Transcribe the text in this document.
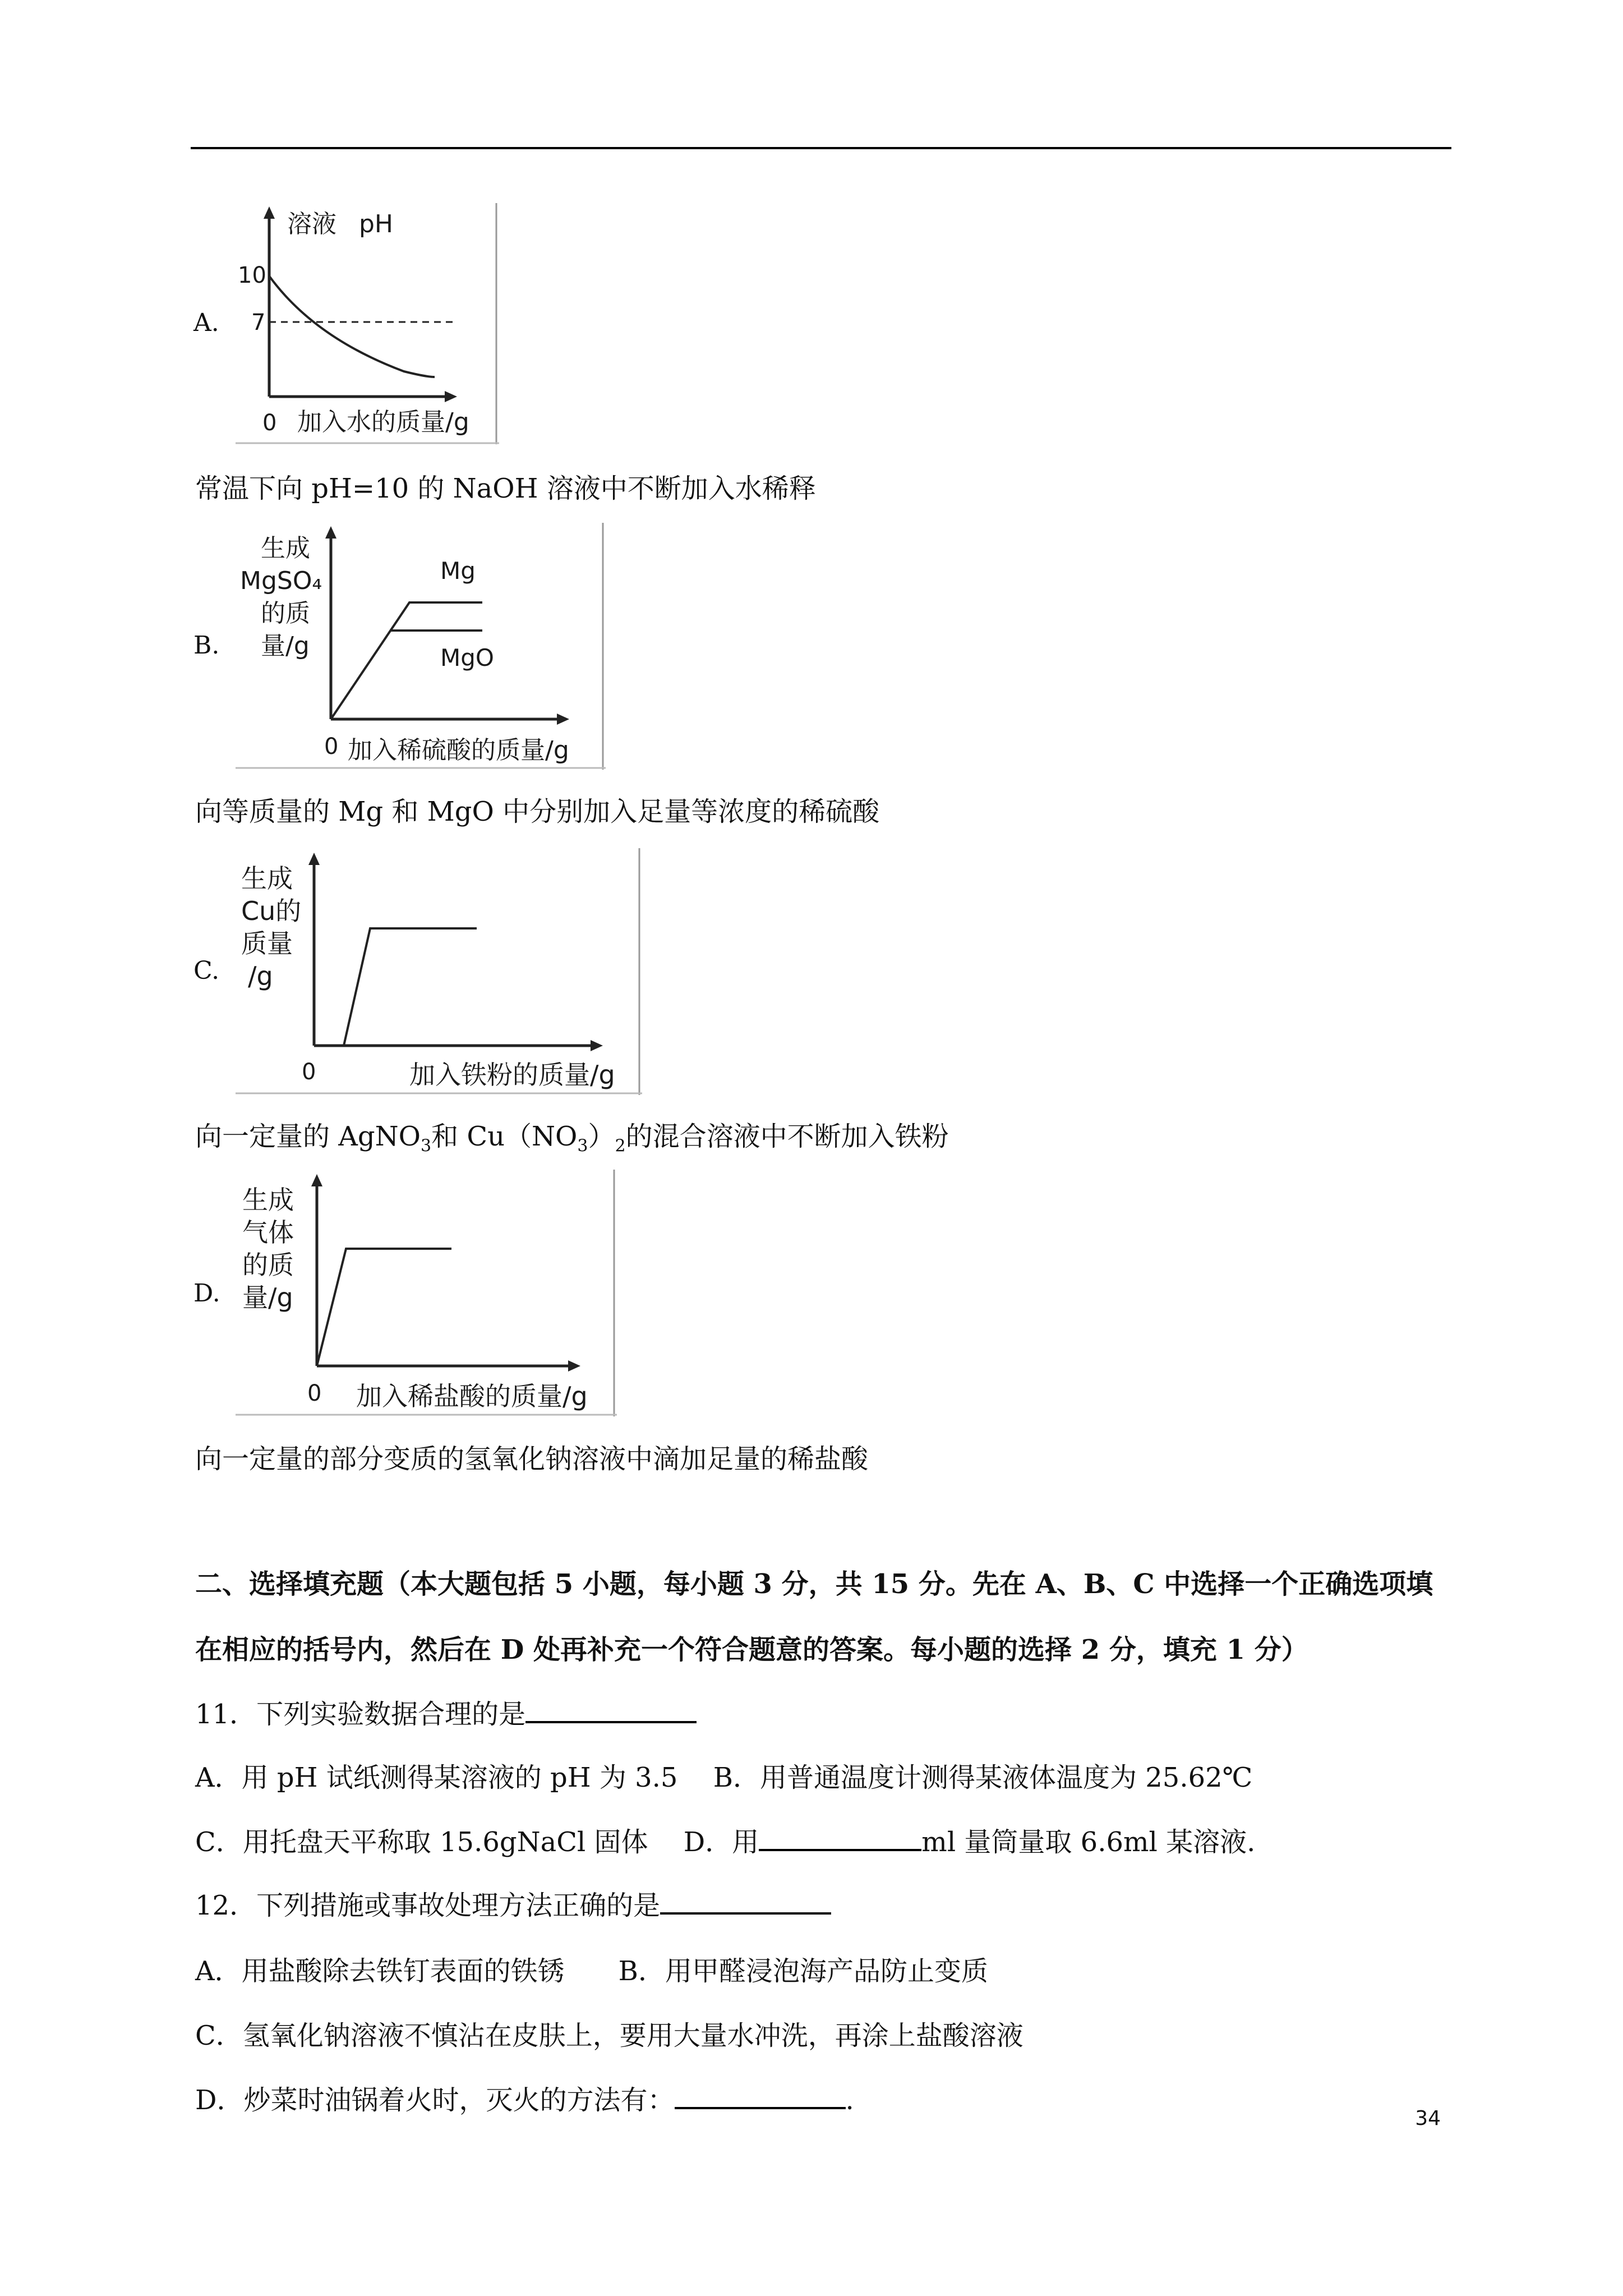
A.
溶液 pH
10
7
0 加入水的质量/g
常温下向 pH=10 的 NaOH 溶液中不断加入水稀释
B.
生成
MgSO₄
的质
量/g
Mg
MgO
0 加入稀硫酸的质量/g
向等质量的 Mg 和 MgO 中分别加入足量等浓度的稀硫酸
C.
生成
Cu的
质量
/g
0	加入铁粉的质量/g
向一定量的 AgNO$_3$和 $Cu(NO_3)_2$的混合溶液中不断加入铁粉
D.
生成
气体
的质
量/g
0 加入稀盐酸的质量/g
向一定量的部分变质的氢氧化钠溶液中滴加足量的稀盐酸
二、选择填充题（本大题包括 5 小题，每小题 3 分，共 15 分。先在 A、B、C 中选择一个正确选项填
在相应的括号内，然后在 D 处再补充一个符合题意的答案。每小题的选择 2 分，填充 1 分）
11．下列实验数据合理的是
A．用 pH 试纸测得某溶液的 pH 为 3.5　 B．用普通温度计测得某液体温度为 25.62℃
C．用托盘天平称取 15.6gNaCl 固体　 D．用	ml 量筒量取 6.6ml 某溶液.
12．下列措施或事故处理方法正确的是
A．用盐酸除去铁钉表面的铁锈　　B．用甲醛浸泡海产品防止变质
C．氢氧化钠溶液不慎沾在皮肤上，要用大量水冲洗，再涂上盐酸溶液
D．炒菜时油锅着火时，灭火的方法有：	.
34
